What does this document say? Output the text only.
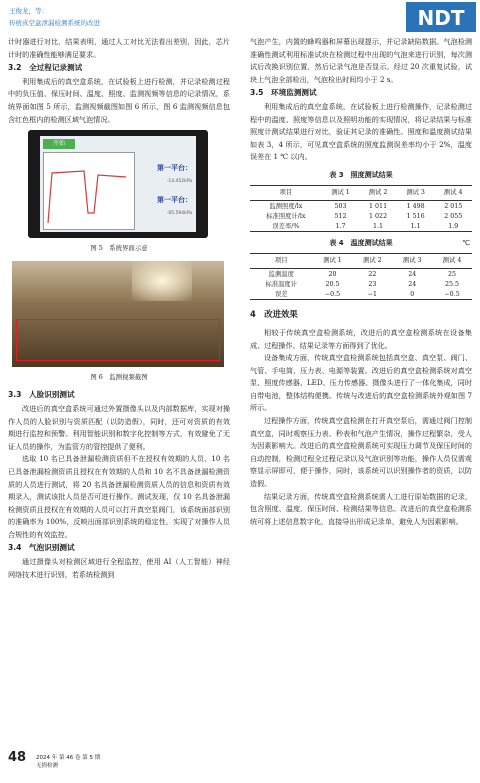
王俊龙，等：
传统真空盒泄漏检测系统的改进	NDT

计时器进行对比，结果表明，通过人工对比无法看出差别，因此，芯片计时的准确性能够满足要求。

3.2　全过程记录测试

利用集成后的真空盒系统，在试验板上进行检测，并记录检测过程中的负压值、保压时间、温度、照度、监测视频等信息的记录情况，系统界面如图 5 所示，监测视频截图如图 6 所示，图 6 监测视频信息包含红色框内的检测区域气泡情况。

开始
第一平台：
-14.452kPa
第一平台：
-05.594kPa
图 5　系统界面示意
图 6　监测视频截图
3.3　人脸识别测试

改进后的真空盒系统可通过外置摄像头以及内部数据库，实现对操作人员的人脸识别与资质匹配（以防造假），同时，还可对资质的有效期进行监控和预警。利用智能识别和数字化控制等方式，有效避免了无证人员的操作，为监管方的管控提供了便利。

选取 10 名已具备泄漏检测资质但不在授权有效期的人员、10 名已具备泄漏检测资质且授权在有效期的人员和 10 名不具备泄漏检测资质的人员进行测试，将 20 名具备泄漏检测资质人员的信息和资质有效期录入，测试该批人员是否可进行操作。测试发现，仅 10 名具备泄漏检测资质且授权在有效期的人员可以打开真空泵阀门，该系统面部识别的准确率为 100%，反映出面部识别系统的稳定性，实现了对操作人员合规性的有效监控。

3.4　气泡识别测试

通过摄像头对检测区域进行全程监控，使用 AI（人工智能）神经网络技术进行识别，若系统检测到

气泡产生，内置的蜂鸣器和屏幕出现提示，并记录缺陷数据。气泡检测准确性测试利用标准试块在检测过程中出现的气泡来进行识别，每次测试后改换识别位置，然后记录气泡是否显示。经过 20 次重复试验，试块上气泡全部检出，气泡检出时间均小于 2 s。

3.5　环境监测测试

利用集成后的真空盒系统，在试验板上进行检测操作，记录检测过程中的温度、照度等信息以及照明功能的实现情况，将记录结果与标准照度计测试结果进行对比，验证其记录的准确性。照度和温度测试结果如表 3，4 所示，可见真空盒系统的照度监测误差率均小于 2%，温度误差在 1 ℃ 以内。

表 3　照度测试结果
项目	测试 1	测试 2	测试 3	测试 4
监测照度/lx	503	1 011	1 498	2 015
标准照度计/lx	512	1 022	1 516	2 055
误差率/%	1.7	1.1	1.1	1.9
表 4　温度测试结果	℃
项目	测试 1	测试 2	测试 3	测试 4
监测温度	20	22	24	25
标准温度计	20.5	23	24	25.5
误差	−0.5	−1	0	−0.5
4　改进效果

相较于传统真空盒检测系统，改进后的真空盒检测系统在设备集成、过程操作、结果记录等方面得到了优化。

设备集成方面，传统真空盒检测系统包括真空盒、真空泵、阀门、气管、手电筒、压力表、电源等装置。改进后的真空盒检测系统对真空泵、照度传感器、LED、压力传感器、摄像头进行了一体化集成，同时自带电池，整体结构便携。传统与改进后的真空盒检测系统外观如图 7 所示。

过程操作方面，传统真空盒检测在打开真空泵后，需通过阀门控制真空盒，同时观察压力表、秒表和气泡产生情况，操作过程繁杂，受人为因素影响大。改进后的真空盒检测系统可实现压力调节及保压时间的自动控制，检测过程全过程记录以及气泡识别等功能，操作人员仅需观察显示屏即可，便于操作，同时，该系统可以识别操作者的资质，以防造假。

结果记录方面，传统真空盒检测系统需人工进行原始数据的记录，包含照度、温度、保压时间、检测结果等信息。改进后的真空盒检测系统可将上述信息数字化，直接导出形成记录单，避免人为因素影响。

48 2024 年 第 46 卷 第 5 期
无损检测
